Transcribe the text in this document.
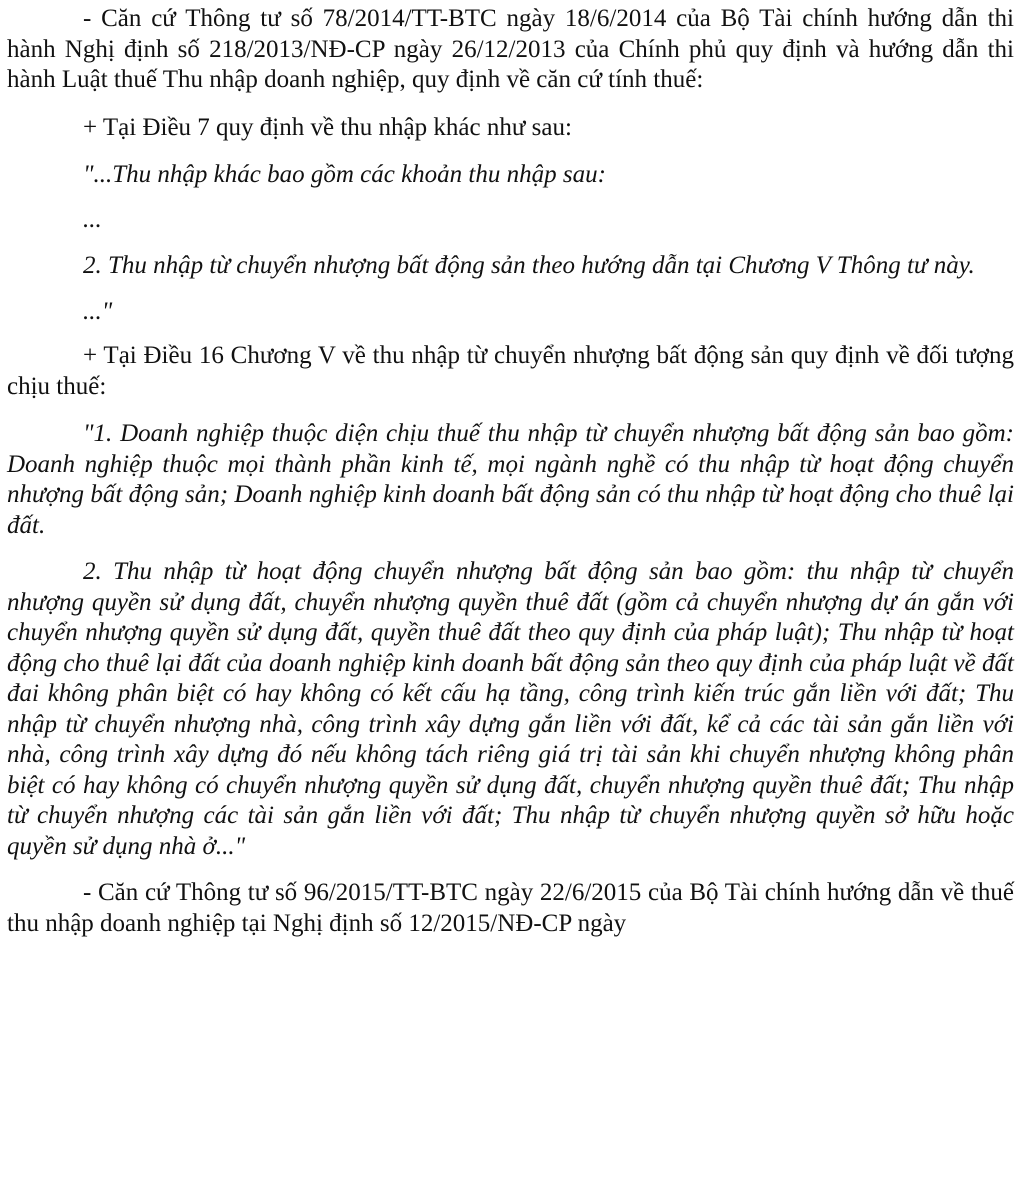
- Căn cứ Thông tư số 78/2014/TT-BTC ngày 18/6/2014 của Bộ Tài chính hướng dẫn thi hành Nghị định số 218/2013/NĐ-CP ngày 26/12/2013 của Chính phủ quy định và hướng dẫn thi hành Luật thuế Thu nhập doanh nghiệp, quy định về căn cứ tính thuế:

+ Tại Điều 7 quy định về thu nhập khác như sau:

"...Thu nhập khác bao gồm các khoản thu nhập sau:

...

2. Thu nhập từ chuyển nhượng bất động sản theo hướng dẫn tại Chương V Thông tư này.

..."

+ Tại Điều 16 Chương V về thu nhập từ chuyển nhượng bất động sản quy định về đối tượng chịu thuế:

"1. Doanh nghiệp thuộc diện chịu thuế thu nhập từ chuyển nhượng bất động sản bao gồm: Doanh nghiệp thuộc mọi thành phần kinh tế, mọi ngành nghề có thu nhập từ hoạt động chuyển nhượng bất động sản; Doanh nghiệp kinh doanh bất động sản có thu nhập từ hoạt động cho thuê lại đất.

2. Thu nhập từ hoạt động chuyển nhượng bất động sản bao gồm: thu nhập từ chuyển nhượng quyền sử dụng đất, chuyển nhượng quyền thuê đất (gồm cả chuyển nhượng dự án gắn với chuyển nhượng quyền sử dụng đất, quyền thuê đất theo quy định của pháp luật); Thu nhập từ hoạt động cho thuê lại đất của doanh nghiệp kinh doanh bất động sản theo quy định của pháp luật về đất đai không phân biệt có hay không có kết cấu hạ tầng, công trình kiến trúc gắn liền với đất; Thu nhập từ chuyển nhượng nhà, công trình xây dựng gắn liền với đất, kể cả các tài sản gắn liền với nhà, công trình xây dựng đó nếu không tách riêng giá trị tài sản khi chuyển nhượng không phân biệt có hay không có chuyển nhượng quyền sử dụng đất, chuyển nhượng quyền thuê đất; Thu nhập từ chuyển nhượng các tài sản gắn liền với đất; Thu nhập từ chuyển nhượng quyền sở hữu hoặc quyền sử dụng nhà ở..."

- Căn cứ Thông tư số 96/2015/TT-BTC ngày 22/6/2015 của Bộ Tài chính hướng dẫn về thuế thu nhập doanh nghiệp tại Nghị định số 12/2015/NĐ-CP ngày
